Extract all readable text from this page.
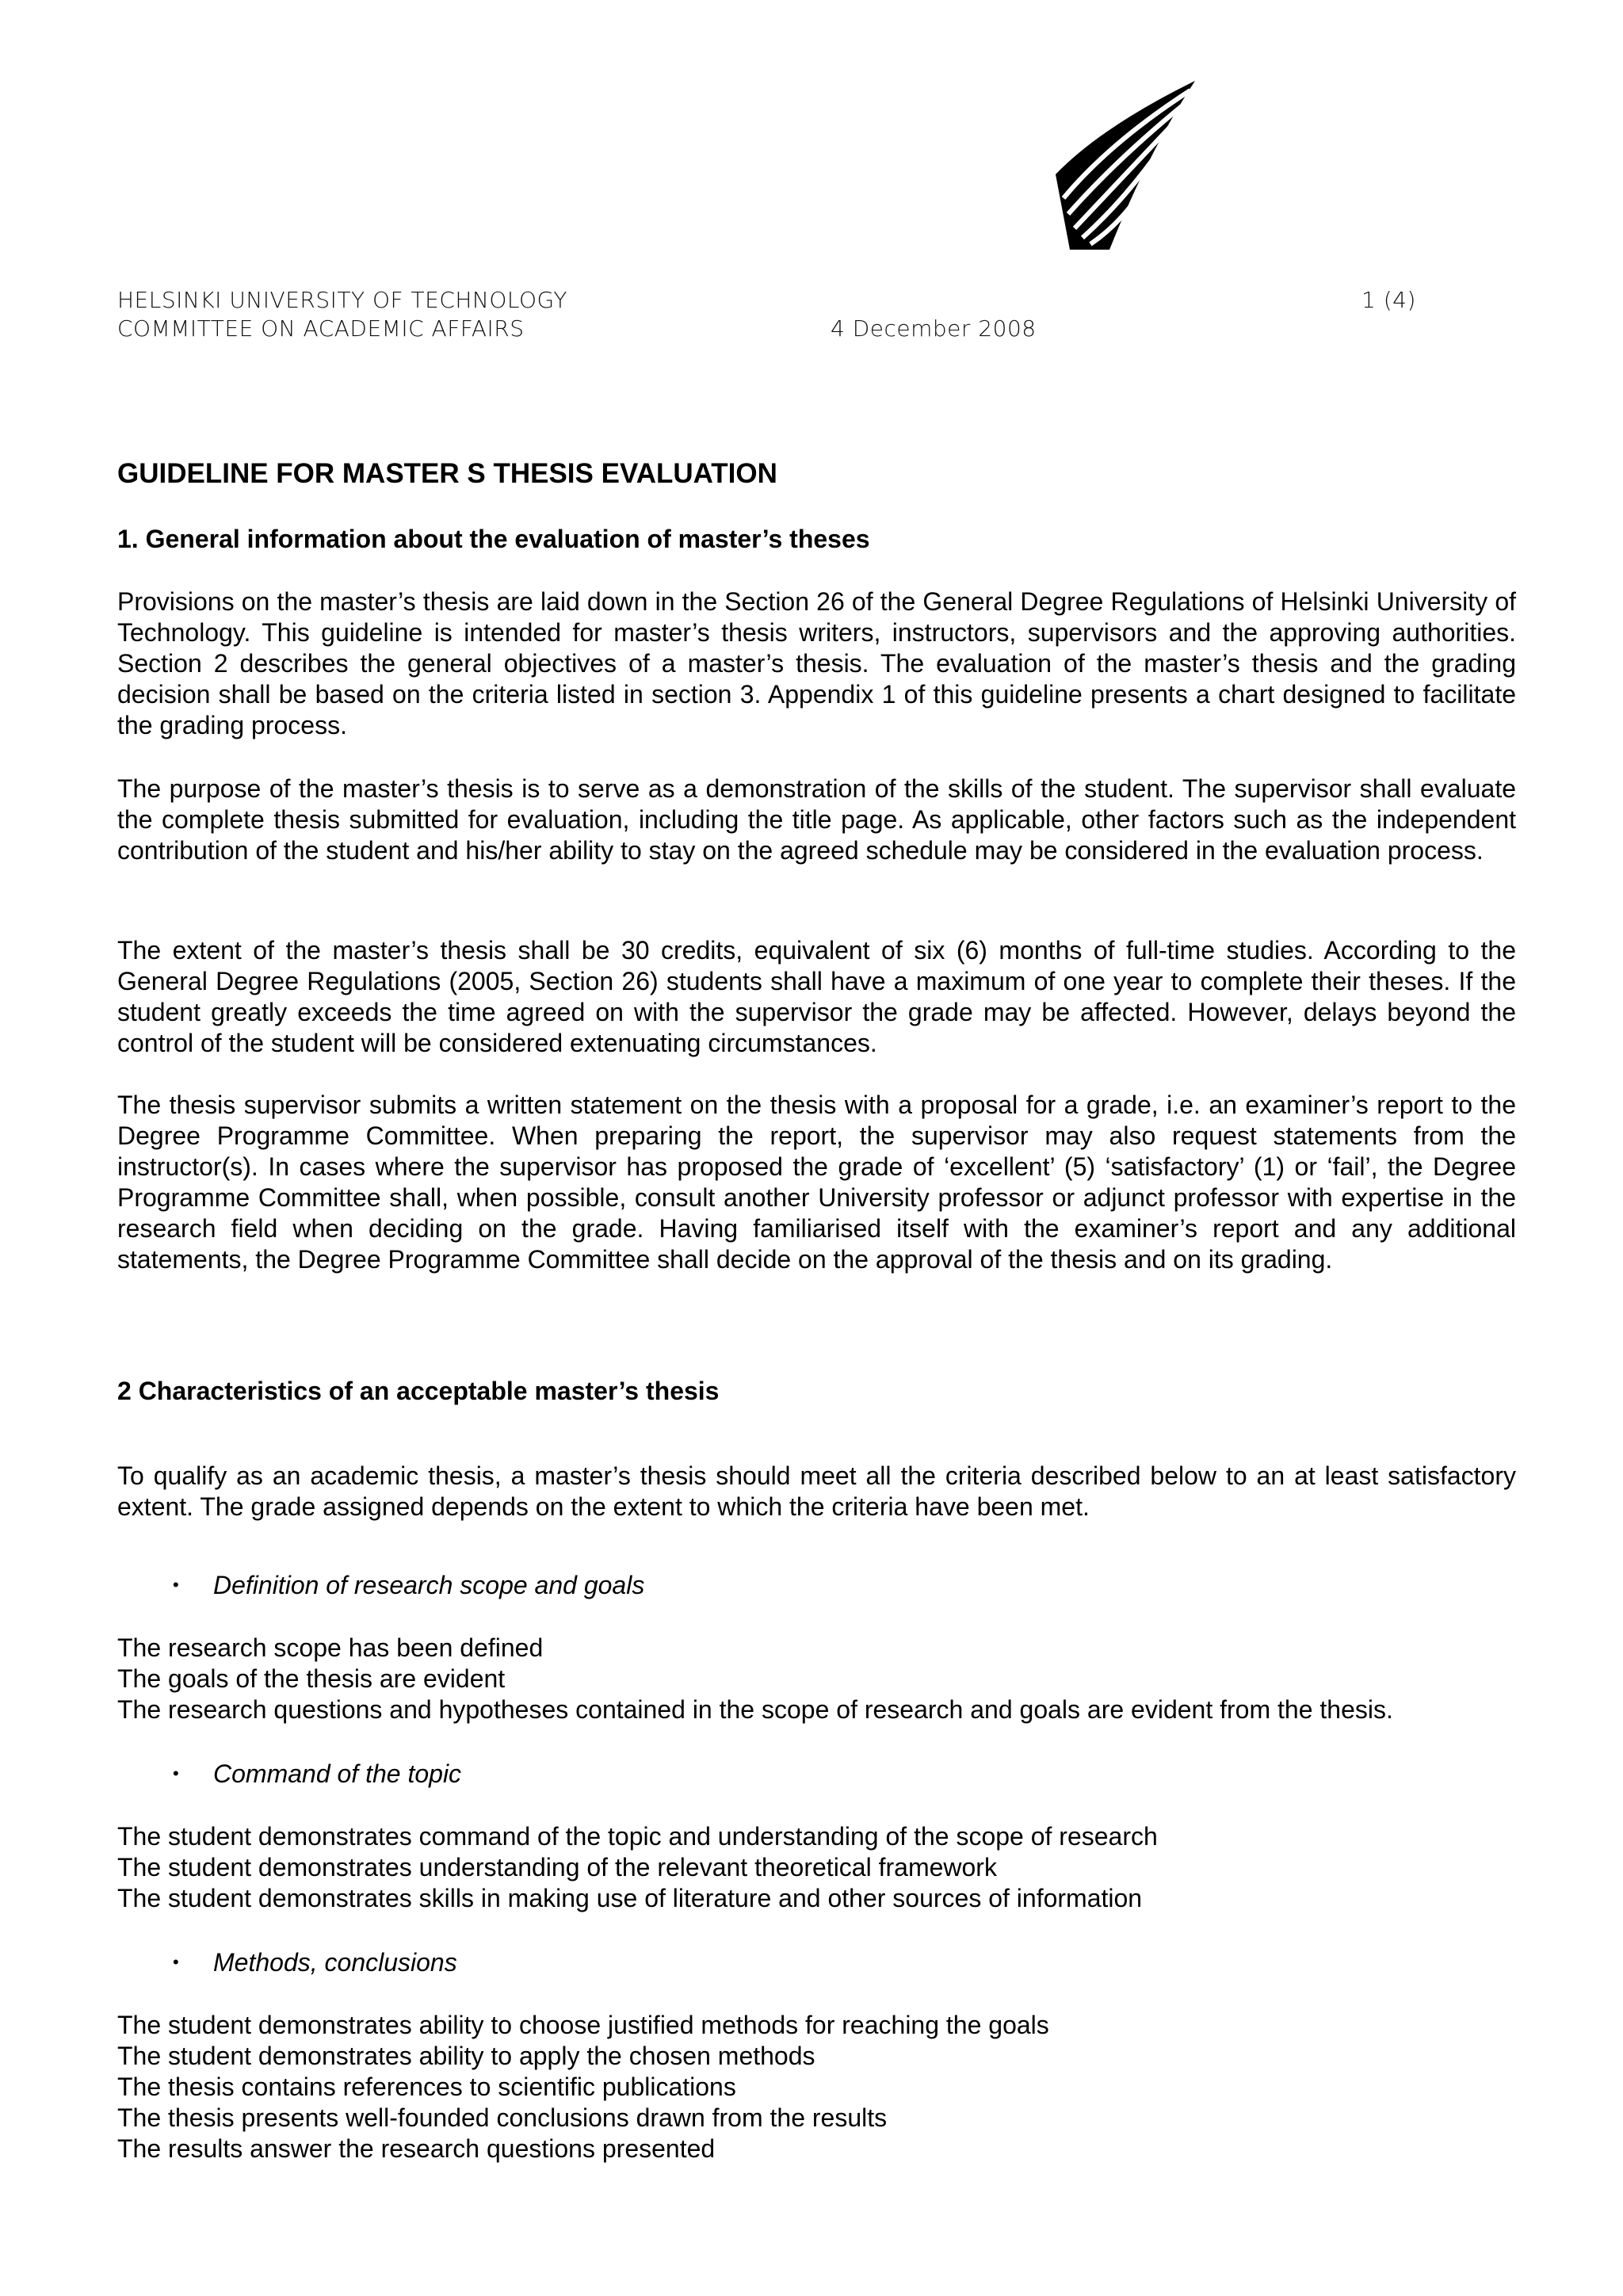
HELSINKI UNIVERSITY OF TECHNOLOGY
COMMITTEE ON ACADEMIC AFFAIRS	4 December 2008
1 (4)
GUIDELINE FOR MASTER S THESIS EVALUATION
1. General information about the evaluation of master’s theses

Provisions on the master’s thesis are laid down in the Section 26 of the General Degree Regulations of Helsinki University of Technology. This guideline is intended for master’s thesis writers, instructors, supervisors and the approving authorities. Section 2 describes the general objectives of a master’s thesis. The evaluation of the master’s thesis and the grading decision shall be based on the criteria listed in section 3. Appendix 1 of this guideline presents a chart designed to facilitate the grading process.

The purpose of the master’s thesis is to serve as a demonstration of the skills of the student. The supervisor shall evaluate the complete thesis submitted for evaluation, including the title page. As applicable, other factors such as the independent contribution of the student and his/her ability to stay on the agreed schedule may be considered in the evaluation process.

The extent of the master’s thesis shall be 30 credits, equivalent of six (6) months of full-time studies. According to the General Degree Regulations (2005, Section 26) students shall have a maximum of one year to complete their theses. If the student greatly exceeds the time agreed on with the supervisor the grade may be affected. However, delays beyond the control of the student will be considered extenuating circumstances.

The thesis supervisor submits a written statement on the thesis with a proposal for a grade, i.e. an examiner’s report to the Degree Programme Committee. When preparing the report, the supervisor may also request statements from the instructor(s). In cases where the supervisor has proposed the grade of ‘excellent’ (5) ‘satisfactory’ (1) or ‘fail’, the Degree Programme Committee shall, when possible, consult another University professor or adjunct professor with expertise in the research field when deciding on the grade. Having familiarised itself with the examiner’s report and any additional statements, the Degree Programme Committee shall decide on the approval of the thesis and on its grading.

2 Characteristics of an acceptable master’s thesis

To qualify as an academic thesis, a master’s thesis should meet all the criteria described below to an at least satisfactory extent. The grade assigned depends on the extent to which the criteria have been met.

• Definition of research scope and goals
The research scope has been defined
The goals of the thesis are evident
The research questions and hypotheses contained in the scope of research and goals are evident from the thesis.
• Command of the topic
The student demonstrates command of the topic and understanding of the scope of research
The student demonstrates understanding of the relevant theoretical framework
The student demonstrates skills in making use of literature and other sources of information
• Methods, conclusions
The student demonstrates ability to choose justified methods for reaching the goals
The student demonstrates ability to apply the chosen methods
The thesis contains references to scientific publications
The thesis presents well-founded conclusions drawn from the results
The results answer the research questions presented
